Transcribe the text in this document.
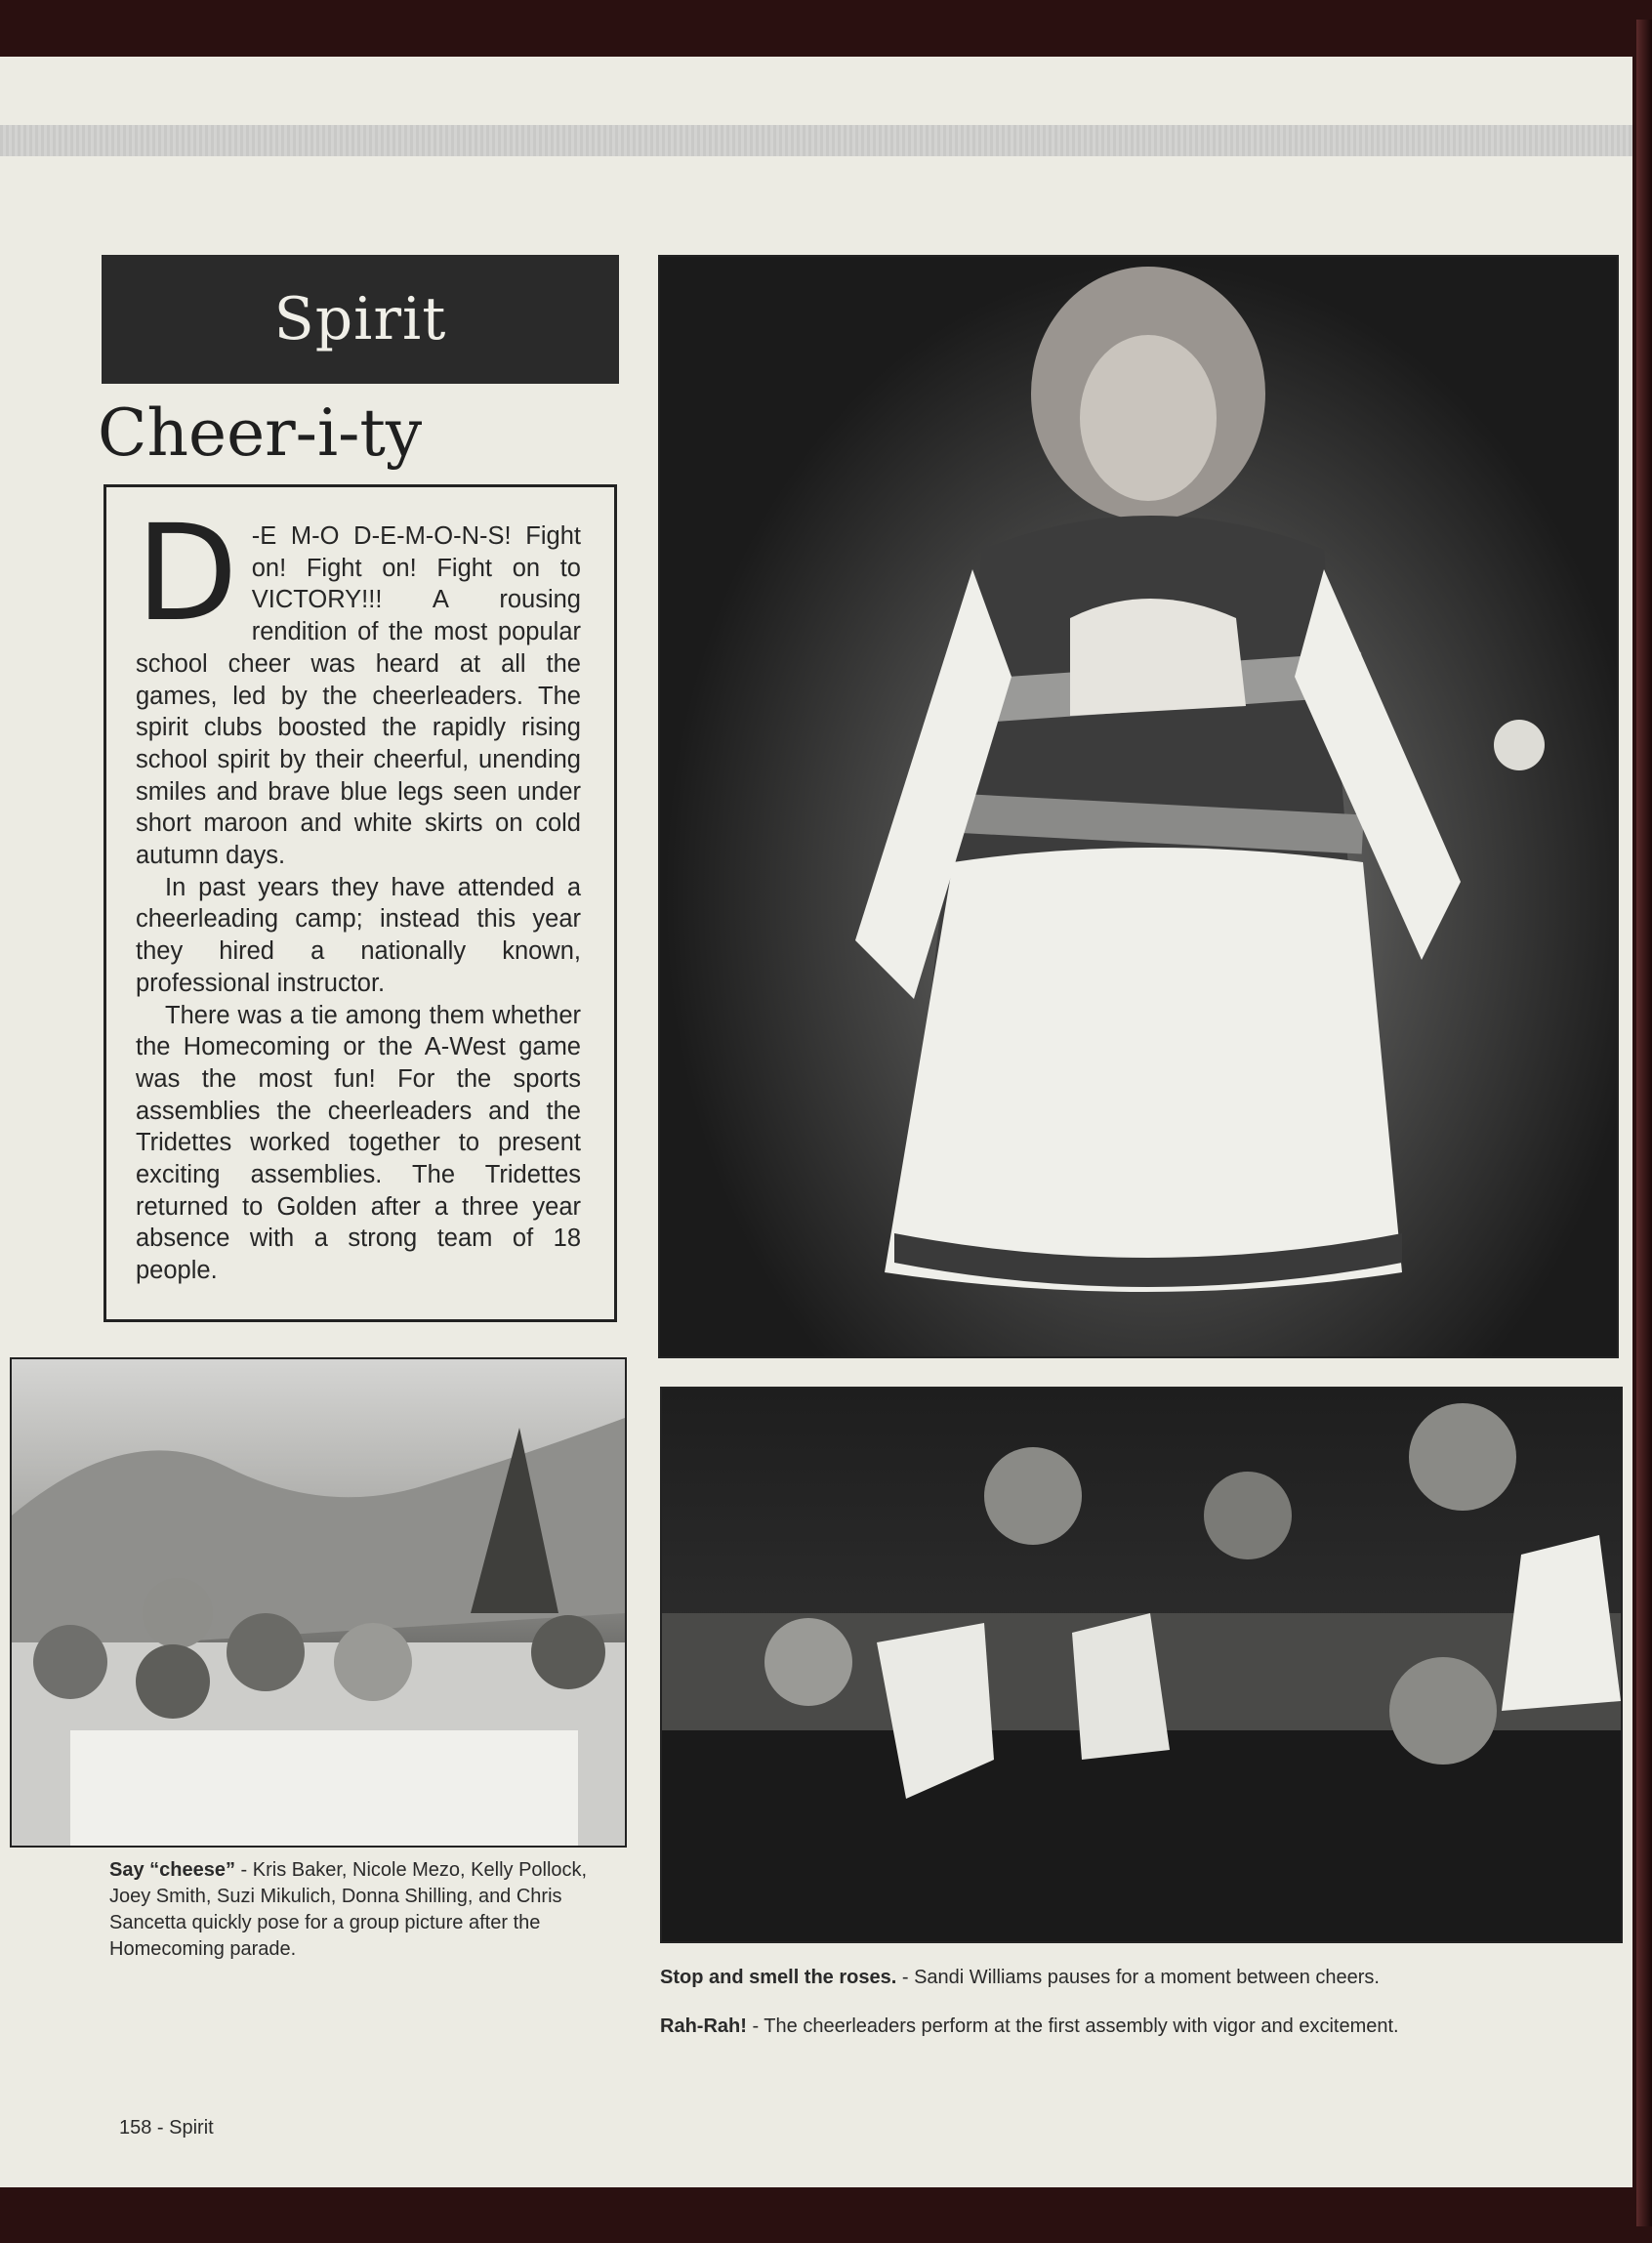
Spirit
Cheer-i-ty
D -E M-O D-E-M-O-N-S! Fight on! Fight on! Fight on to VICTORY!!! A rousing rendition of the most popular school cheer was heard at all the games, led by the cheerleaders. The spirit clubs boosted the rapidly rising school spirit by their cheerful, unending smiles and brave blue legs seen under short maroon and white skirts on cold autumn days.

In past years they have attended a cheerleading camp; instead this year they hired a nationally known, professional instructor.

There was a tie among them whether the Homecoming or the A-West game was the most fun! For the sports assemblies the cheerleaders and the Tridettes worked together to present exciting assemblies. The Tridettes returned to Golden after a three year absence with a strong team of 18 people.

Say “cheese” - Kris Baker, Nicole Mezo, Kelly Pollock, Joey Smith, Suzi Mikulich, Donna Shilling, and Chris Sancetta quickly pose for a group picture after the Homecoming parade.

Stop and smell the roses. - Sandi Williams pauses for a moment between cheers.

Rah-Rah! - The cheerleaders perform at the first assembly with vigor and excitement.

158 - Spirit
